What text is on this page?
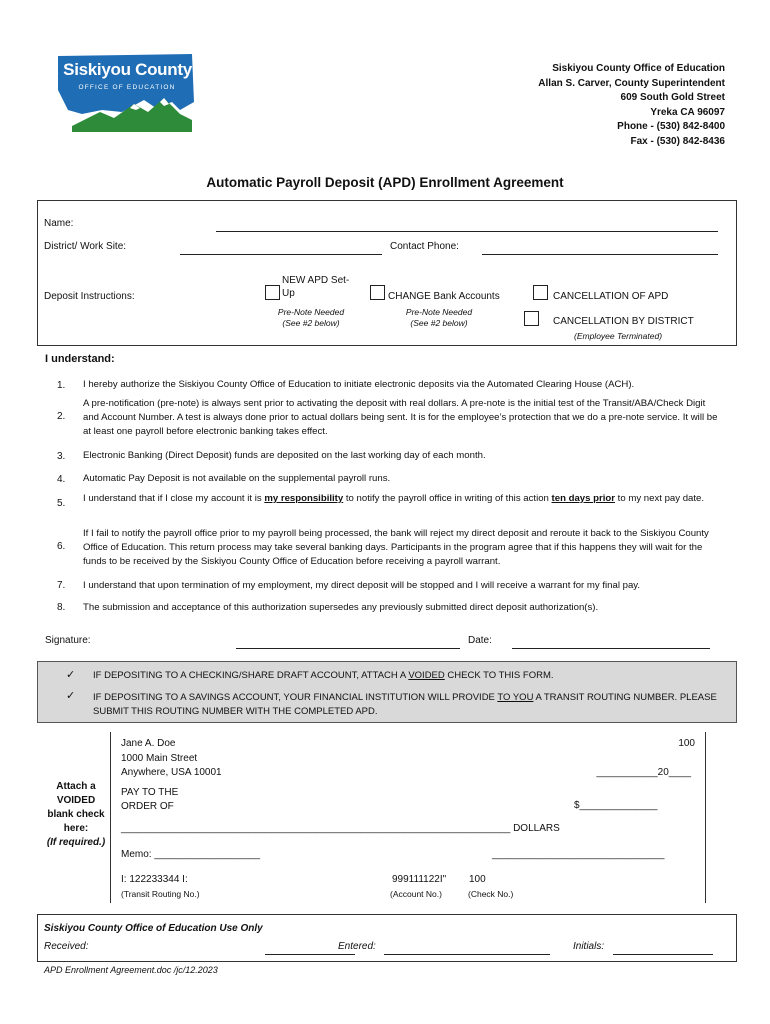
Siskiyou County
OFFICE OF EDUCATION
Siskiyou County Office of Education
Allan S. Carver, County Superintendent
609 South Gold Street
Yreka CA 96097
Phone - (530) 842-8400
Fax - (530) 842-8436
Automatic Payroll Deposit (APD) Enrollment Agreement
Name:
District/ Work Site:	Contact Phone:
Deposit Instructions:
NEW APD Set-
Up
Pre-Note Needed
(See #2 below)
CHANGE Bank Accounts
Pre-Note Needed
(See #2 below)
CANCELLATION OF APD
CANCELLATION BY DISTRICT
(Employee Terminated)
I understand:
1. I hereby authorize the Siskiyou County Office of Education to initiate electronic deposits via the Automated Clearing House (ACH).
2.
A pre-notification (pre-note) is always sent prior to activating the deposit with real dollars. A pre-note is the initial test of the Transit/ABA/Check Digit and Account Number. A test is always done prior to actual dollars being sent. It is for the employee’s protection that we do a pre-note service. It will be at least one payroll before electronic banking takes effect.
3. Electronic Banking (Direct Deposit) funds are deposited on the last working day of each month.
4. Automatic Pay Deposit is not available on the supplemental payroll runs.
5. I understand that if I close my account it is my responsibility to notify the payroll office in writing of this action ten days prior to my next pay date.
6.
If I fail to notify the payroll office prior to my payroll being processed, the bank will reject my direct deposit and reroute it back to the Siskiyou County Office of Education. This return process may take several banking days. Participants in the program agree that if this happens they will wait for the funds to be received by the Siskiyou County Office of Education before receiving a payroll warrant.
7. I understand that upon termination of my employment, my direct deposit will be stopped and I will receive a warrant for my final pay.
8. The submission and acceptance of this authorization supersedes any previously submitted direct deposit authorization(s).
Signature:	Date:
IF DEPOSITING TO A CHECKING/SHARE DRAFT ACCOUNT, ATTACH A VOIDED CHECK TO THIS FORM.
IF DEPOSITING TO A SAVINGS ACCOUNT, YOUR FINANCIAL INSTITUTION WILL PROVIDE TO YOU A TRANSIT ROUTING NUMBER. PLEASE
SUBMIT THIS ROUTING NUMBER WITH THE COMPLETED APD.
✓
✓
Attach a
VOIDED
blank check
here:
(If required.)
Jane A. Doe
1000 Main Street
Anywhere, USA 10001
100
___________20____
PAY TO THE
ORDER OF	$______________
______________________________________________________________________ DOLLARS
Memo: ___________________	_______________________________
I: 122233344 I:	999111122I" 100
(Transit Routing No.)	(Account No.)	(Check No.)
Siskiyou County Office of Education Use Only
Received:	Entered:	Initials:
APD Enrollment Agreement.doc /jc/12.2023
